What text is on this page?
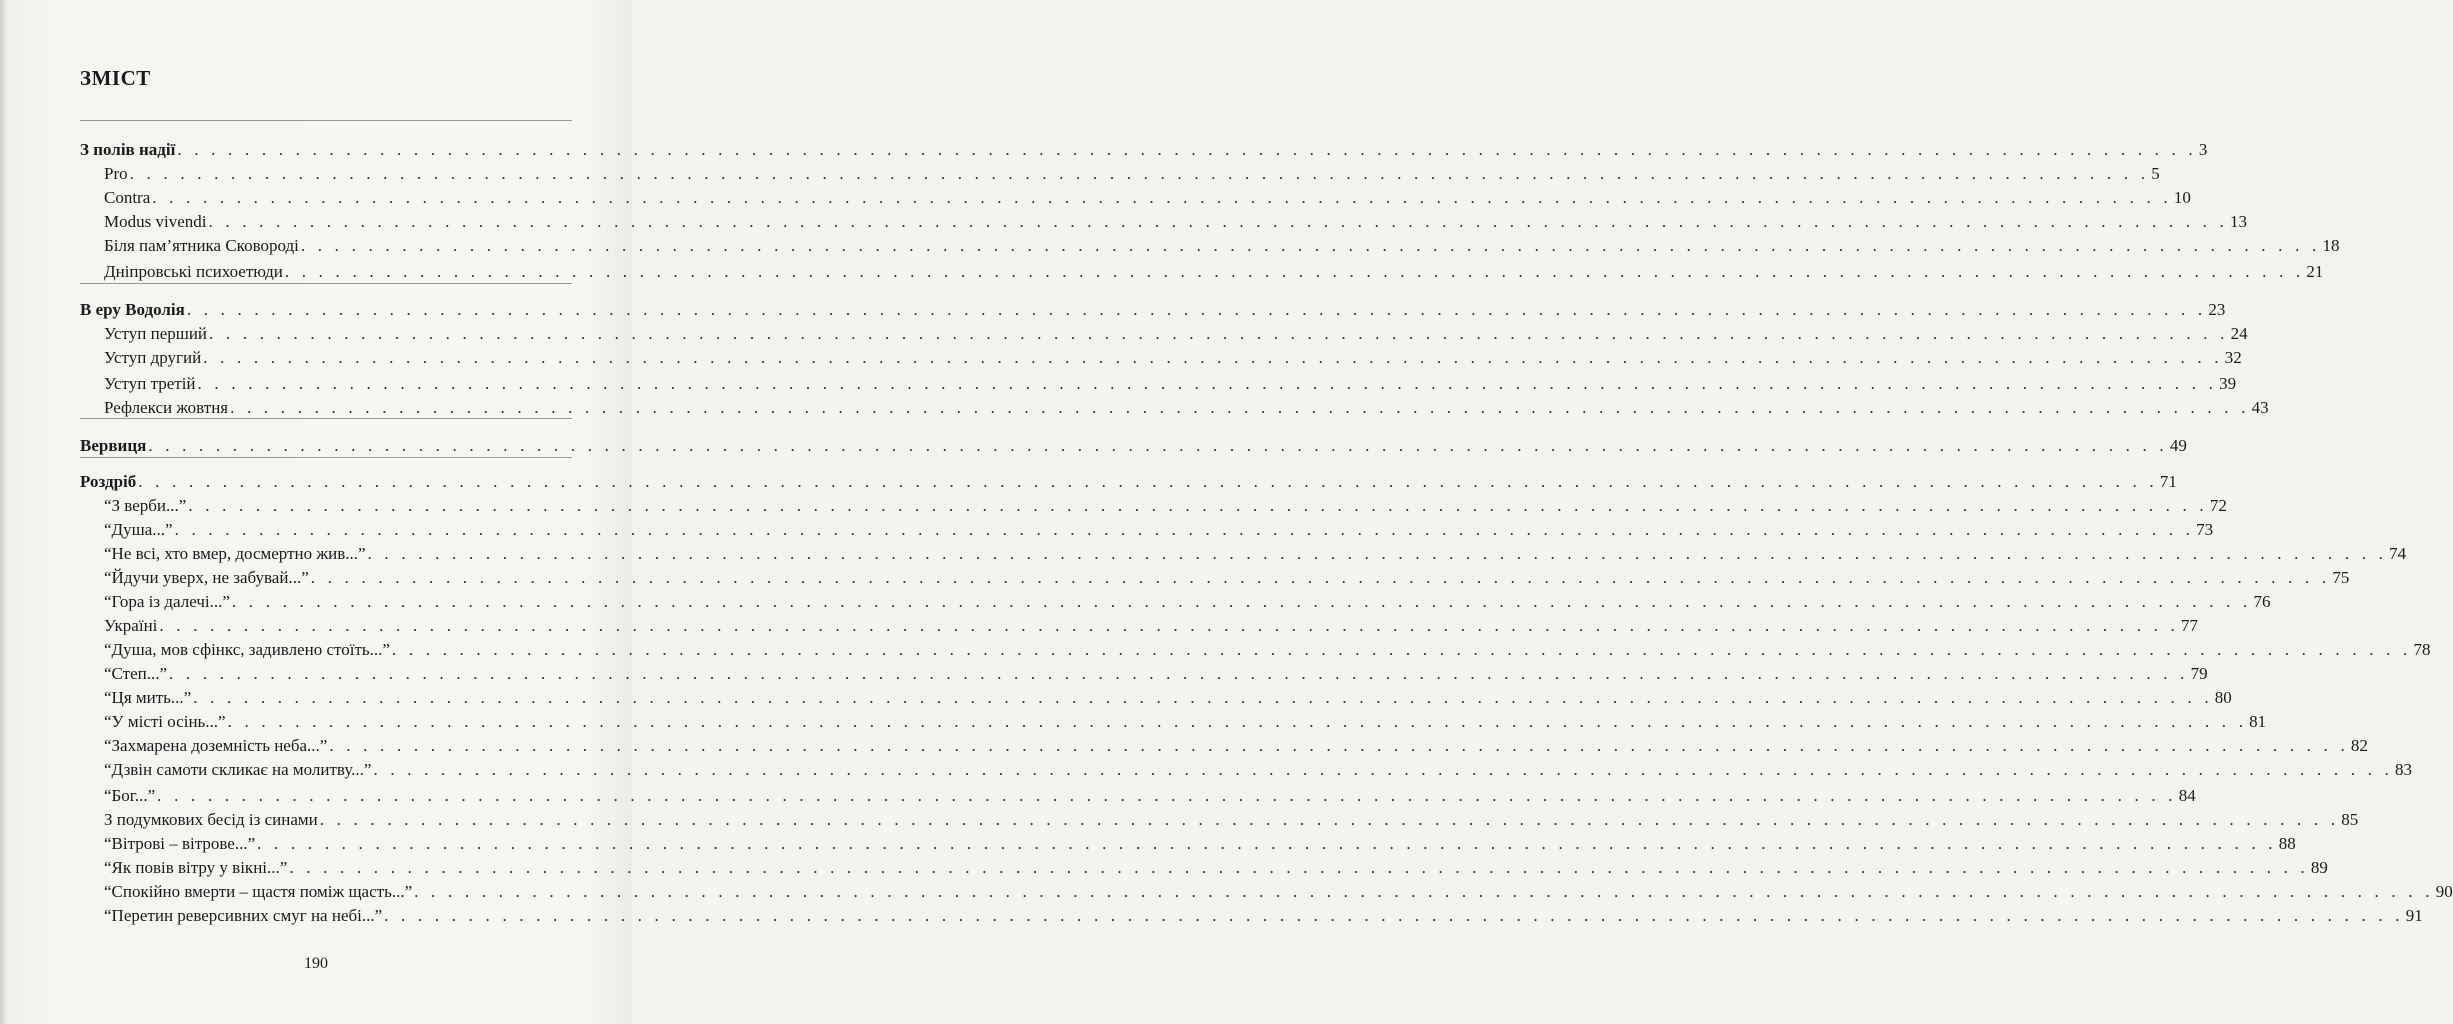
ЗМІСТ
З полів надії . . . . . . . . . . . . . . . . . . . . . . . . . . . . . . . . . . . . . . . . . . . . . . . . . . . . . . . . . . . . . . . . . . . . . . . . . . . . . . . . . . . . . . . . . . . . . . . . . . . . . . . . . . . . . . . . . . . . . . . . 3
Pro . . . . . . . . . . . . . . . . . . . . . . . . . . . . . . . . . . . . . . . . . . . . . . . . . . . . . . . . . . . . . . . . . . . . . . . . . . . . . . . . . . . . . . . . . . . . . . . . . . . . . . . . . . . . . . . . . . . . . . . . 5
Contra . . . . . . . . . . . . . . . . . . . . . . . . . . . . . . . . . . . . . . . . . . . . . . . . . . . . . . . . . . . . . . . . . . . . . . . . . . . . . . . . . . . . . . . . . . . . . . . . . . . . . . . . . . . . . . . . . . . . . . . . 10
Modus vivendi . . . . . . . . . . . . . . . . . . . . . . . . . . . . . . . . . . . . . . . . . . . . . . . . . . . . . . . . . . . . . . . . . . . . . . . . . . . . . . . . . . . . . . . . . . . . . . . . . . . . . . . . . . . . . . . . . . . . . . . . 13
Біля пам’ятника Сковороді . . . . . . . . . . . . . . . . . . . . . . . . . . . . . . . . . . . . . . . . . . . . . . . . . . . . . . . . . . . . . . . . . . . . . . . . . . . . . . . . . . . . . . . . . . . . . . . . . . . . . . . . . . . . . . . . . . . . . . . . 18
Дніпровські психоетюди . . . . . . . . . . . . . . . . . . . . . . . . . . . . . . . . . . . . . . . . . . . . . . . . . . . . . . . . . . . . . . . . . . . . . . . . . . . . . . . . . . . . . . . . . . . . . . . . . . . . . . . . . . . . . . . . . . . . . . . . 21
В еру Водолія . . . . . . . . . . . . . . . . . . . . . . . . . . . . . . . . . . . . . . . . . . . . . . . . . . . . . . . . . . . . . . . . . . . . . . . . . . . . . . . . . . . . . . . . . . . . . . . . . . . . . . . . . . . . . . . . . . . . . . . . 23
Уступ перший . . . . . . . . . . . . . . . . . . . . . . . . . . . . . . . . . . . . . . . . . . . . . . . . . . . . . . . . . . . . . . . . . . . . . . . . . . . . . . . . . . . . . . . . . . . . . . . . . . . . . . . . . . . . . . . . . . . . . . . . 24
Уступ другий . . . . . . . . . . . . . . . . . . . . . . . . . . . . . . . . . . . . . . . . . . . . . . . . . . . . . . . . . . . . . . . . . . . . . . . . . . . . . . . . . . . . . . . . . . . . . . . . . . . . . . . . . . . . . . . . . . . . . . . . 32
Уступ третій . . . . . . . . . . . . . . . . . . . . . . . . . . . . . . . . . . . . . . . . . . . . . . . . . . . . . . . . . . . . . . . . . . . . . . . . . . . . . . . . . . . . . . . . . . . . . . . . . . . . . . . . . . . . . . . . . . . . . . . . 39
Рефлекси жовтня . . . . . . . . . . . . . . . . . . . . . . . . . . . . . . . . . . . . . . . . . . . . . . . . . . . . . . . . . . . . . . . . . . . . . . . . . . . . . . . . . . . . . . . . . . . . . . . . . . . . . . . . . . . . . . . . . . . . . . . . 43
Вервиця . . . . . . . . . . . . . . . . . . . . . . . . . . . . . . . . . . . . . . . . . . . . . . . . . . . . . . . . . . . . . . . . . . . . . . . . . . . . . . . . . . . . . . . . . . . . . . . . . . . . . . . . . . . . . . . . . . . . . . . . 49
Роздріб . . . . . . . . . . . . . . . . . . . . . . . . . . . . . . . . . . . . . . . . . . . . . . . . . . . . . . . . . . . . . . . . . . . . . . . . . . . . . . . . . . . . . . . . . . . . . . . . . . . . . . . . . . . . . . . . . . . . . . . . 71
“З верби...” . . . . . . . . . . . . . . . . . . . . . . . . . . . . . . . . . . . . . . . . . . . . . . . . . . . . . . . . . . . . . . . . . . . . . . . . . . . . . . . . . . . . . . . . . . . . . . . . . . . . . . . . . . . . . . . . . . . . . . . . 72
“Душа...” . . . . . . . . . . . . . . . . . . . . . . . . . . . . . . . . . . . . . . . . . . . . . . . . . . . . . . . . . . . . . . . . . . . . . . . . . . . . . . . . . . . . . . . . . . . . . . . . . . . . . . . . . . . . . . . . . . . . . . . . 73
“Не всі, хто вмер, досмертно жив...” . . . . . . . . . . . . . . . . . . . . . . . . . . . . . . . . . . . . . . . . . . . . . . . . . . . . . . . . . . . . . . . . . . . . . . . . . . . . . . . . . . . . . . . . . . . . . . . . . . . . . . . . . . . . . . . . . . . . . . . . 74
“Йдучи уверх, не забувай...” . . . . . . . . . . . . . . . . . . . . . . . . . . . . . . . . . . . . . . . . . . . . . . . . . . . . . . . . . . . . . . . . . . . . . . . . . . . . . . . . . . . . . . . . . . . . . . . . . . . . . . . . . . . . . . . . . . . . . . . . 75
“Гора із далечі...” . . . . . . . . . . . . . . . . . . . . . . . . . . . . . . . . . . . . . . . . . . . . . . . . . . . . . . . . . . . . . . . . . . . . . . . . . . . . . . . . . . . . . . . . . . . . . . . . . . . . . . . . . . . . . . . . . . . . . . . . 76
Україні . . . . . . . . . . . . . . . . . . . . . . . . . . . . . . . . . . . . . . . . . . . . . . . . . . . . . . . . . . . . . . . . . . . . . . . . . . . . . . . . . . . . . . . . . . . . . . . . . . . . . . . . . . . . . . . . . . . . . . . . 77
“Душа, мов сфінкс, задивлено стоїть...” . . . . . . . . . . . . . . . . . . . . . . . . . . . . . . . . . . . . . . . . . . . . . . . . . . . . . . . . . . . . . . . . . . . . . . . . . . . . . . . . . . . . . . . . . . . . . . . . . . . . . . . . . . . . . . . . . . . . . . . . 78
“Степ...” . . . . . . . . . . . . . . . . . . . . . . . . . . . . . . . . . . . . . . . . . . . . . . . . . . . . . . . . . . . . . . . . . . . . . . . . . . . . . . . . . . . . . . . . . . . . . . . . . . . . . . . . . . . . . . . . . . . . . . . . 79
“Ця мить...” . . . . . . . . . . . . . . . . . . . . . . . . . . . . . . . . . . . . . . . . . . . . . . . . . . . . . . . . . . . . . . . . . . . . . . . . . . . . . . . . . . . . . . . . . . . . . . . . . . . . . . . . . . . . . . . . . . . . . . . . 80
“У місті осінь...” . . . . . . . . . . . . . . . . . . . . . . . . . . . . . . . . . . . . . . . . . . . . . . . . . . . . . . . . . . . . . . . . . . . . . . . . . . . . . . . . . . . . . . . . . . . . . . . . . . . . . . . . . . . . . . . . . . . . . . . . 81
“Захмарена доземність неба...” . . . . . . . . . . . . . . . . . . . . . . . . . . . . . . . . . . . . . . . . . . . . . . . . . . . . . . . . . . . . . . . . . . . . . . . . . . . . . . . . . . . . . . . . . . . . . . . . . . . . . . . . . . . . . . . . . . . . . . . . 82
“Дзвін самоти скликає на молитву...” . . . . . . . . . . . . . . . . . . . . . . . . . . . . . . . . . . . . . . . . . . . . . . . . . . . . . . . . . . . . . . . . . . . . . . . . . . . . . . . . . . . . . . . . . . . . . . . . . . . . . . . . . . . . . . . . . . . . . . . . 83
“Бог...” . . . . . . . . . . . . . . . . . . . . . . . . . . . . . . . . . . . . . . . . . . . . . . . . . . . . . . . . . . . . . . . . . . . . . . . . . . . . . . . . . . . . . . . . . . . . . . . . . . . . . . . . . . . . . . . . . . . . . . . . 84
З подумкових бесід із синами . . . . . . . . . . . . . . . . . . . . . . . . . . . . . . . . . . . . . . . . . . . . . . . . . . . . . . . . . . . . . . . . . . . . . . . . . . . . . . . . . . . . . . . . . . . . . . . . . . . . . . . . . . . . . . . . . . . . . . . . 85
“Вітрові – вітрове...” . . . . . . . . . . . . . . . . . . . . . . . . . . . . . . . . . . . . . . . . . . . . . . . . . . . . . . . . . . . . . . . . . . . . . . . . . . . . . . . . . . . . . . . . . . . . . . . . . . . . . . . . . . . . . . . . . . . . . . . . 88
“Як повів вітру у вікні...” . . . . . . . . . . . . . . . . . . . . . . . . . . . . . . . . . . . . . . . . . . . . . . . . . . . . . . . . . . . . . . . . . . . . . . . . . . . . . . . . . . . . . . . . . . . . . . . . . . . . . . . . . . . . . . . . . . . . . . . . 89
“Спокійно вмерти – щастя поміж щасть...” . . . . . . . . . . . . . . . . . . . . . . . . . . . . . . . . . . . . . . . . . . . . . . . . . . . . . . . . . . . . . . . . . . . . . . . . . . . . . . . . . . . . . . . . . . . . . . . . . . . . . . . . . . . . . . . . . . . . . . . . 90
“Перетин реверсивних смуг на небі...” . . . . . . . . . . . . . . . . . . . . . . . . . . . . . . . . . . . . . . . . . . . . . . . . . . . . . . . . . . . . . . . . . . . . . . . . . . . . . . . . . . . . . . . . . . . . . . . . . . . . . . . . . . . . . . . . . . . . . . . . 91
190
